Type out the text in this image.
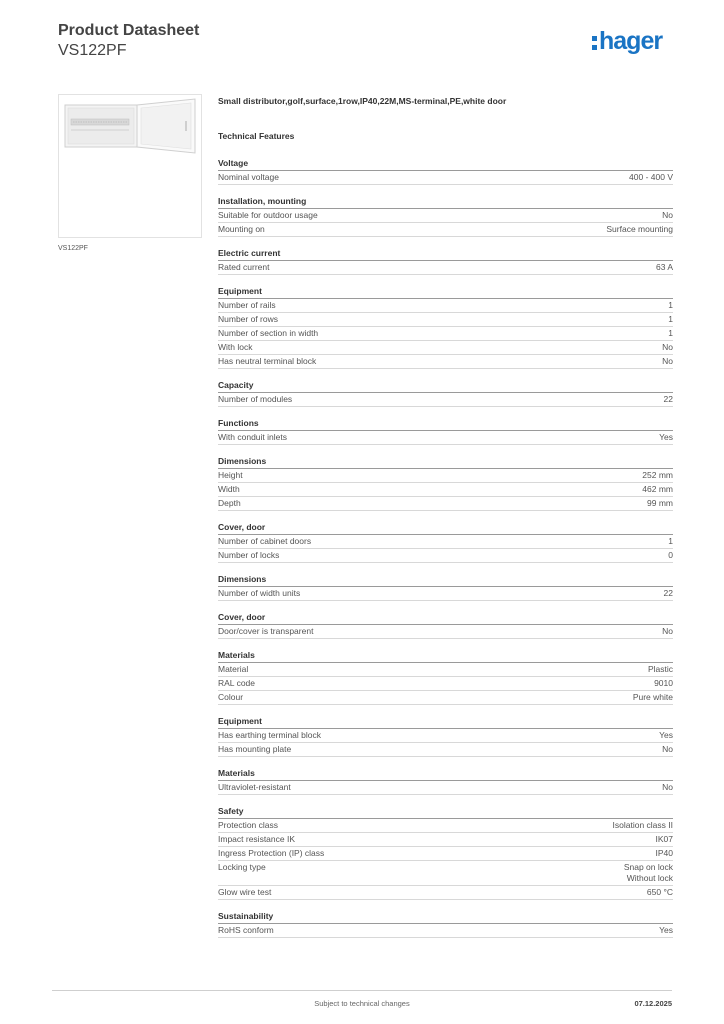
Product Datasheet
VS122PF	hager
VS122PF
Small distributor,golf,surface,1row,IP40,22M,MS-terminal,PE,white door
Technical Features
Voltage
Nominal voltage	400 - 400 V
Installation, mounting
Suitable for outdoor usage	No
Mounting on	Surface mounting
Electric current
Rated current	63 A
Equipment
Number of rails	1
Number of rows	1
Number of section in width	1
With lock	No
Has neutral terminal block	No
Capacity
Number of modules	22
Functions
With conduit inlets	Yes
Dimensions
Height	252 mm
Width	462 mm
Depth	99 mm
Cover, door
Number of cabinet doors	1
Number of locks	0
Dimensions
Number of width units	22
Cover, door
Door/cover is transparent	No
Materials
Material	Plastic
RAL code	9010
Colour	Pure white
Equipment
Has earthing terminal block	Yes
Has mounting plate	No
Materials
Ultraviolet-resistant	No
Safety
Protection class	Isolation class II
Impact resistance IK	IK07
Ingress Protection (IP) class	IP40
Locking type	Snap on lock
Without lock
Glow wire test	650 °C
Sustainability
RoHS conform	Yes
Subject to technical changes	07.12.2025
